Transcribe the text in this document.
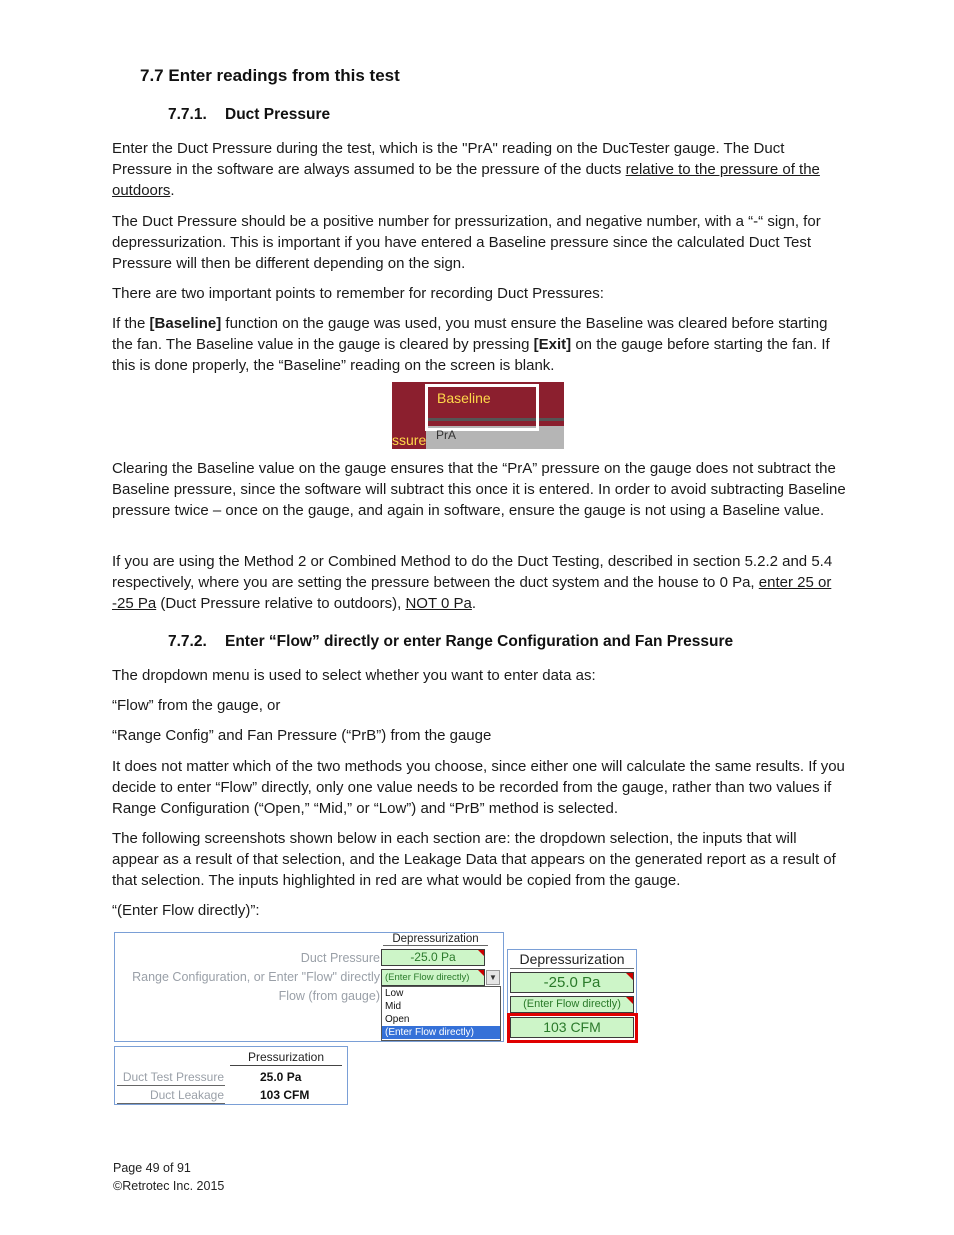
7.7 Enter readings from this test
7.7.1. Duct Pressure
Enter the Duct Pressure during the test, which is the "PrA" reading on the DucTester gauge. The Duct Pressure in the software are always assumed to be the pressure of the ducts relative to the pressure of the outdoors.
The Duct Pressure should be a positive number for pressurization, and negative number, with a “-“ sign, for depressurization. This is important if you have entered a Baseline pressure since the calculated Duct Test Pressure will then be different depending on the sign.
There are two important points to remember for recording Duct Pressures:
If the [Baseline] function on the gauge was used, you must ensure the Baseline was cleared before starting the fan. The Baseline value in the gauge is cleared by pressing [Exit] on the gauge before starting the fan. If this is done properly, the “Baseline” reading on the screen is blank.
Baseline
PrA
ssure
Clearing the Baseline value on the gauge ensures that the “PrA” pressure on the gauge does not subtract the Baseline pressure, since the software will subtract this once it is entered. In order to avoid subtracting Baseline pressure twice – once on the gauge, and again in software, ensure the gauge is not using a Baseline value.
If you are using the Method 2 or Combined Method to do the Duct Testing, described in section 5.2.2 and 5.4 respectively, where you are setting the pressure between the duct system and the house to 0 Pa, enter 25 or -25 Pa (Duct Pressure relative to outdoors), NOT 0 Pa.
7.7.2. Enter “Flow” directly or enter Range Configuration and Fan Pressure
The dropdown menu is used to select whether you want to enter data as:
“Flow” from the gauge, or
“Range Config” and Fan Pressure (“PrB”) from the gauge
It does not matter which of the two methods you choose, since either one will calculate the same results. If you decide to enter “Flow” directly, only one value needs to be recorded from the gauge, rather than two values if Range Configuration (“Open,” “Mid,” or “Low”) and “PrB” method is selected.
The following screenshots shown below in each section are: the dropdown selection, the inputs that will appear as a result of that selection, and the Leakage Data that appears on the generated report as a result of that selection. The inputs highlighted in red are what would be copied from the gauge.
“(Enter Flow directly)”:
Depressurization
Duct Pressure
Range Configuration, or Enter "Flow" directly
Flow (from gauge)
-25.0 Pa
(Enter Flow directly)	▼
Low
Mid
Open
(Enter Flow directly)
Depressurization
-25.0 Pa
(Enter Flow directly)
103 CFM
Pressurization
Duct Test Pressure
Duct Leakage
25.0 Pa
103 CFM
Page 49 of 91
©Retrotec Inc. 2015
